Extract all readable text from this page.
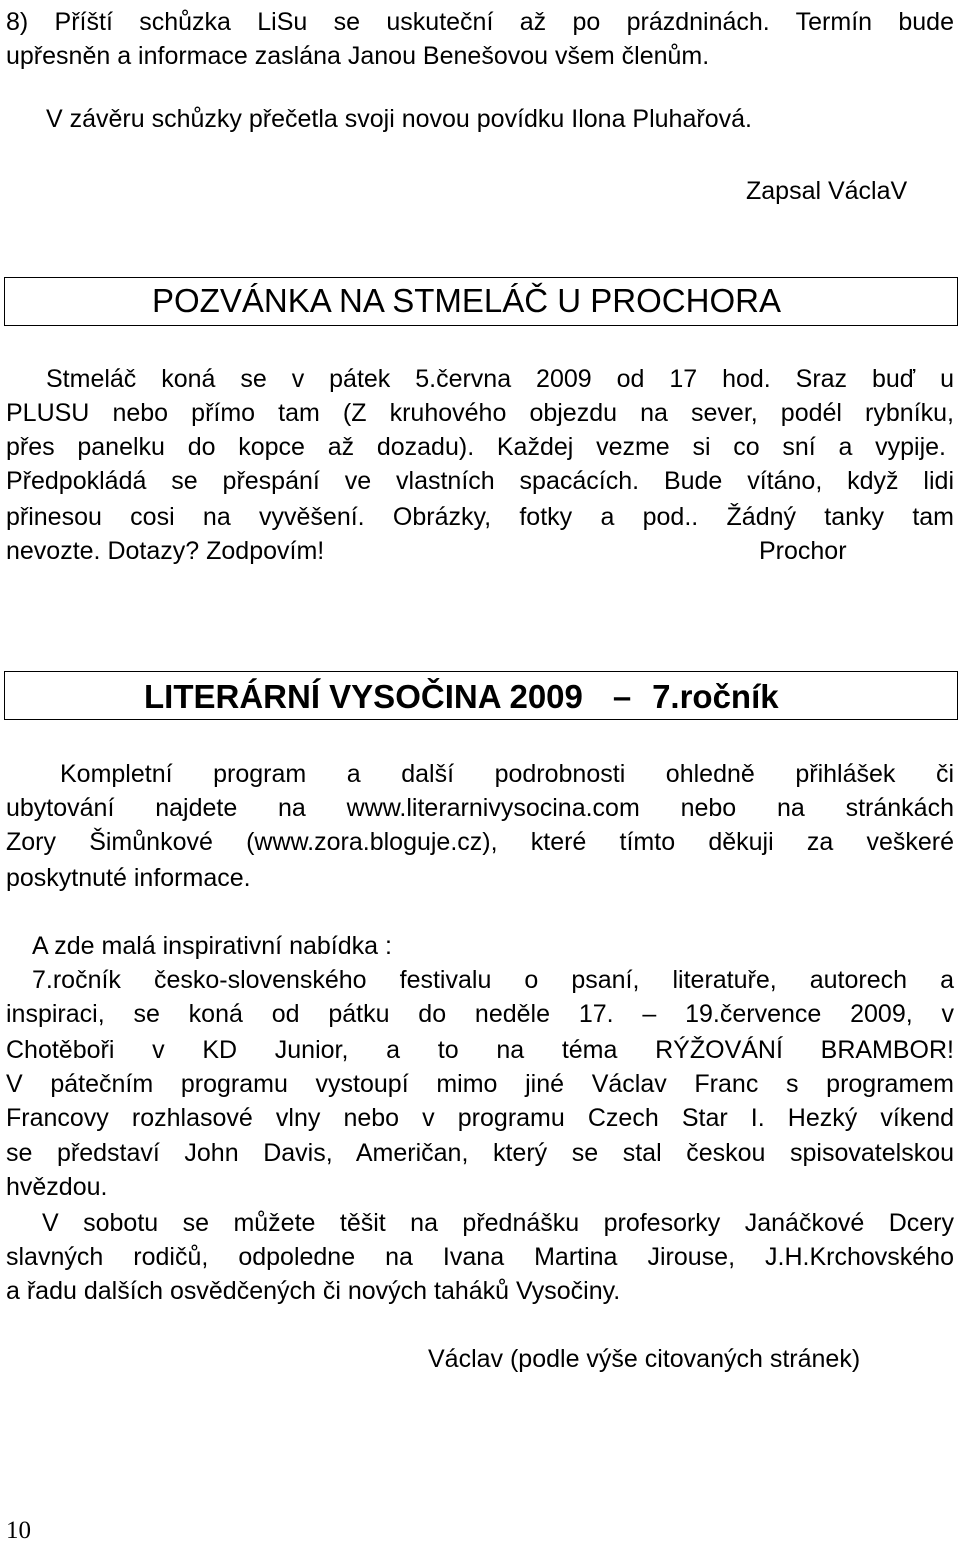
8) Příští schůzka LiSu se uskuteční až po prázdninách. Termín bude
upřesněn a informace zaslána Janou Benešovou všem členům.
V závěru schůzky přečetla svoji novou povídku Ilona Pluhařová.
Zapsal VáclaV
POZVÁNKA NA STMELÁČ U PROCHORA
Stmeláč koná se v pátek 5.června 2009 od 17 hod. Sraz buď u
PLUSU nebo přímo tam (Z kruhového objezdu na sever, podél rybníku,
přes panelku do kopce až dozadu). Každej vezme si co sní a vypije.
Předpokládá se přespání ve vlastních spacácích. Bude vítáno, když lidi
přinesou cosi na vyvěšení. Obrázky, fotky a pod.. Žádný tanky tam
nevozte. Dotazy? Zodpovím!	Prochor
LITERÁRNÍ VYSOČINA 2009 – 7.ročník
Kompletní program a další podrobnosti ohledně přihlášek či
ubytování najdete na www.literarnivysocina.com nebo na stránkách
Zory Šimůnkové (www.zora.bloguje.cz), které tímto děkuji za veškeré
poskytnuté informace.
A zde malá inspirativní nabídka :
7.ročník česko-slovenského festivalu o psaní, literatuře, autorech a
inspiraci, se koná od pátku do neděle 17. – 19.července 2009, v
Chotěboři v KD Junior, a to na téma RÝŽOVÁNÍ BRAMBOR!
V pátečním programu vystoupí mimo jiné Václav Franc s programem
Francovy rozhlasové vlny nebo v programu Czech Star I. Hezký víkend
se představí John Davis, Američan, který se stal českou spisovatelskou
hvězdou.
V sobotu se můžete těšit na přednášku profesorky Janáčkové Dcery
slavných rodičů, odpoledne na Ivana Martina Jirouse, J.H.Krchovského
a řadu dalších osvědčených či nových taháků Vysočiny.
Václav (podle výše citovaných stránek)
10
